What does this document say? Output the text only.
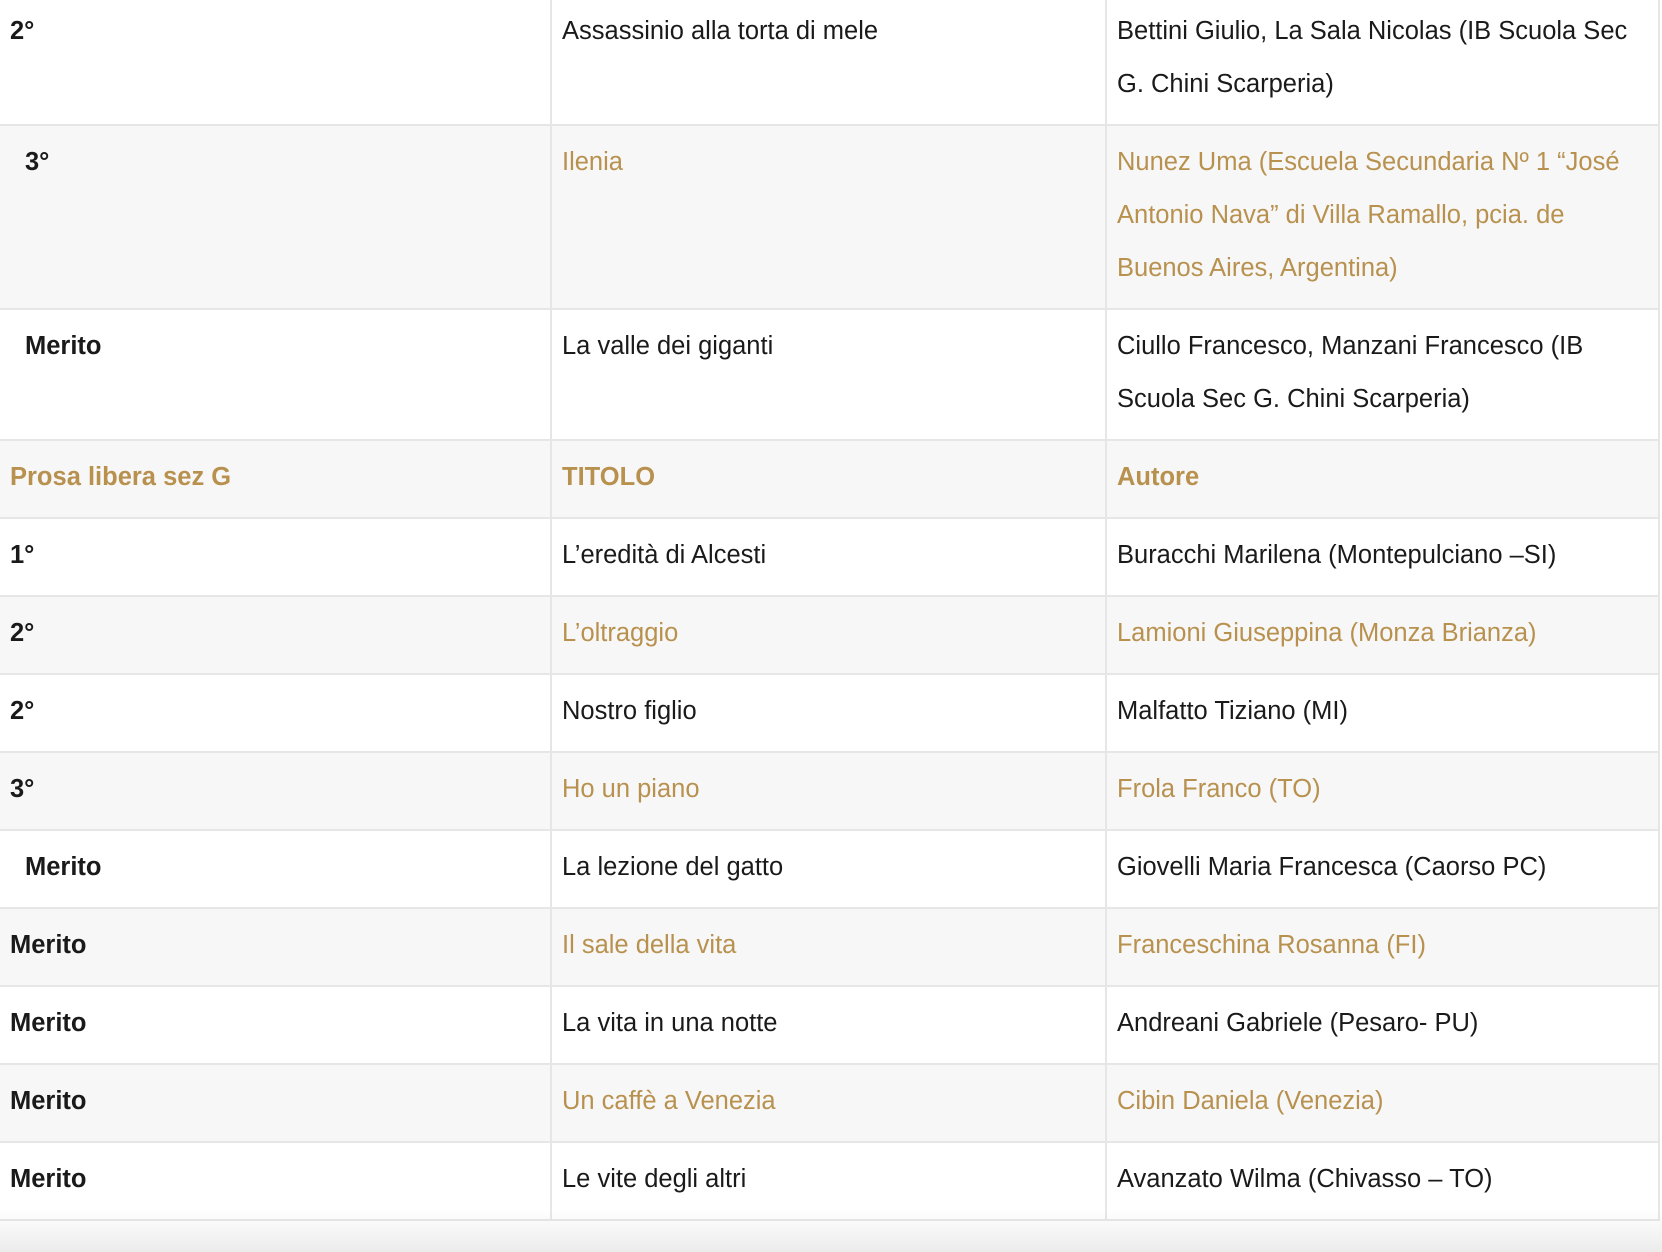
2°	Assassinio alla torta di mele	Bettini Giulio, La Sala Nicolas (IB Scuola Sec G. Chini Scarperia)
3°	Ilenia	Nunez Uma (Escuela Secundaria Nº 1 “José Antonio Nava” di Villa Ramallo, pcia. de Buenos Aires, Argentina)
Merito	La valle dei giganti	Ciullo Francesco, Manzani Francesco (IB Scuola Sec G. Chini Scarperia)
Prosa libera sez G	TITOLO	Autore
1°	L’eredità di Alcesti	Buracchi Marilena (Montepulciano –SI)
2°	L’oltraggio	Lamioni Giuseppina (Monza Brianza)
2°	Nostro figlio	Malfatto Tiziano (MI)
3°	Ho un piano	Frola Franco (TO)
Merito	La lezione del gatto	Giovelli Maria Francesca (Caorso PC)
Merito	Il sale della vita	Franceschina Rosanna (FI)
Merito	La vita in una notte	Andreani Gabriele (Pesaro- PU)
Merito	Un caffè a Venezia	Cibin Daniela (Venezia)
Merito	Le vite degli altri	Avanzato Wilma (Chivasso – TO)
